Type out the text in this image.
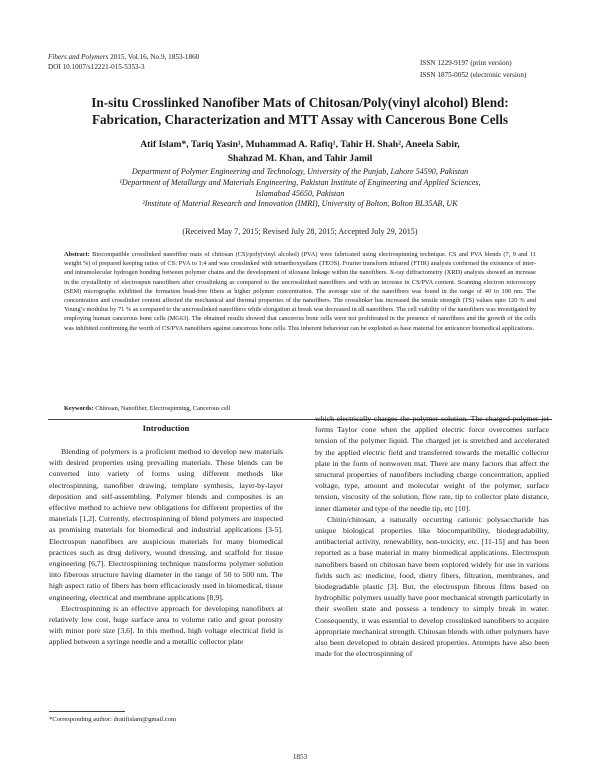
Fibers and Polymers 2015, Vol.16, No.9, 1853-1860
DOI 10.1007/s12221-015-5353-3	ISSN 1229-9197 (print version)
ISSN 1875-0052 (electronic version)
In-situ Crosslinked Nanofiber Mats of Chitosan/Poly(vinyl alcohol) Blend:
Fabrication, Characterization and MTT Assay with Cancerous Bone Cells
Atif Islam*, Tariq Yasin¹, Muhammad A. Rafiq¹, Tahir H. Shah², Aneela Sabir,
Shahzad M. Khan, and Tahir Jamil
Department of Polymer Engineering and Technology, University of the Punjab, Lahore 54590, Pakistan
¹Department of Metallurgy and Materials Engineering, Pakistan Institute of Engineering and Applied Sciences,
Islamabad 45650, Pakistan
²Institute of Material Research and Innovation (IMRI), University of Bolton, Bolton BL35AB, UK
(Received May 7, 2015; Revised July 28, 2015; Accepted July 29, 2015)
Abstract: Biocompatible crosslinked nanofiber mats of chitosan (CS)/poly(vinyl alcohol) (PVA) were fabricated using electrospinning technique. CS and PVA blends (7, 9 and 11 weight %) of prepared keeping ratios of CS: PVA to 1:4 and was crosslinked with tetraethoxysilane (TEOS). Fourier transform infrared (FTIR) analysis confirmed the existence of inter- and intramolecular hydrogen bonding between polymer chains and the development of siloxane linkage within the nanofibers. X-ray diffractometry (XRD) analysis showed an increase in the crystallinity of electrospun nanofibers after crosslinking as compared to the uncrosslinked nanofibers and with an increase in CS/PVA content. Scanning electron microscopy (SEM) micrographs exhibited the formation bead-free fibers at higher polymer concentration. The average size of the nanofibers was found in the range of 40 to 100 nm. The concentration and crosslinker content affected the mechanical and thermal properties of the nanofibers. The crosslinker has increased the tensile strength (TS) values upto 120 % and Young’s modulus by 71 % as compared to the uncrosslinked nanofibers while elongation at break was decreased in all nanofibers. The cell viability of the nanofibers was investigated by employing human cancerous bone cells (MG63). The obtained results showed that cancerous bone cells were not proliferated in the presence of nanofibers and the growth of the cells was inhibited confirming the worth of CS/PVA nanofibers against cancerous bone cells. This inherent behaviour can be exploited as base material for anticancer biomedical applications.
Keywords: Chitosan, Nanofiber, Electrospinning, Cancerous cell
Introduction

Blending of polymers is a proficient method to develop new materials with desired properties using prevailing materials. These blends can be converted into variety of forms using different methods like electrospinning, nanofiber drawing, template synthesis, layer-by-layer deposition and self-assembling. Polymer blends and composites is an effective method to achieve new obligations for different properties of the materials [1,2]. Currently, electrospinning of blend polymers are inspected as promising materials for biomedical and industrial applications [3-5]. Electrospun nanofibers are auspicious materials for many biomedical practices such as drug delivery, wound dressing, and scaffold for tissue engineering [6,7]. Electrospinning technique transforms polymer solution into fiberous structure having diameter in the range of 50 to 500 nm. The high aspect ratio of fibers has been efficaciously used in biomedical, tissue engineering, electrical and membrane applications [8,9].

Electrospinning is an effective approach for developing nanofibers at relatively low cost, huge surface area to volume ratio and great porosity with minor pore size [3,6]. In this method, high voltage electrical field is applied between a syringe needle and a metallic collector plate

which electrically charges the polymer solution. The charged polymer jet forms Taylor cone when the applied electric force overcomes surface tension of the polymer liquid. The charged jet is stretched and accelerated by the applied electric field and transferred towards the metallic collector plate in the form of nonwoven mat. There are many factors that affect the structural properties of nanofibers including charge concentration, applied voltage, type, amount and molecular weight of the polymer, surface tension, viscosity of the solution, flow rate, tip to collector plate distance, inner diameter and type of the needle tip, etc [10].

Chitin/chitosan, a naturally occurring cationic polysaccharide has unique biological properties like biocompatibility, biodegradability, antibacterial activity, renewability, non-toxicity, etc. [11-15] and has been reported as a base material in many biomedical applications. Electrospun nanofibers based on chitosan have been explored widely for use in various fields such as: medicine, food, dietry fibers, filtration, membranes, and biodegradable plastic [3]. But, the electrospun fibrous films based on hydrophilic polymers usually have poor mechanical strength particularly in their swollen state and possess a tendency to simply break in water. Consequently, it was essential to develop crosslinked nanofibers to acquire appropriate mechanical strength. Chitosan blends with other polymers have also been developed to obtain desired properties. Attempts have also been made for the electrospinning of

*Corresponding author: dratifislam@gmail.com
1853
